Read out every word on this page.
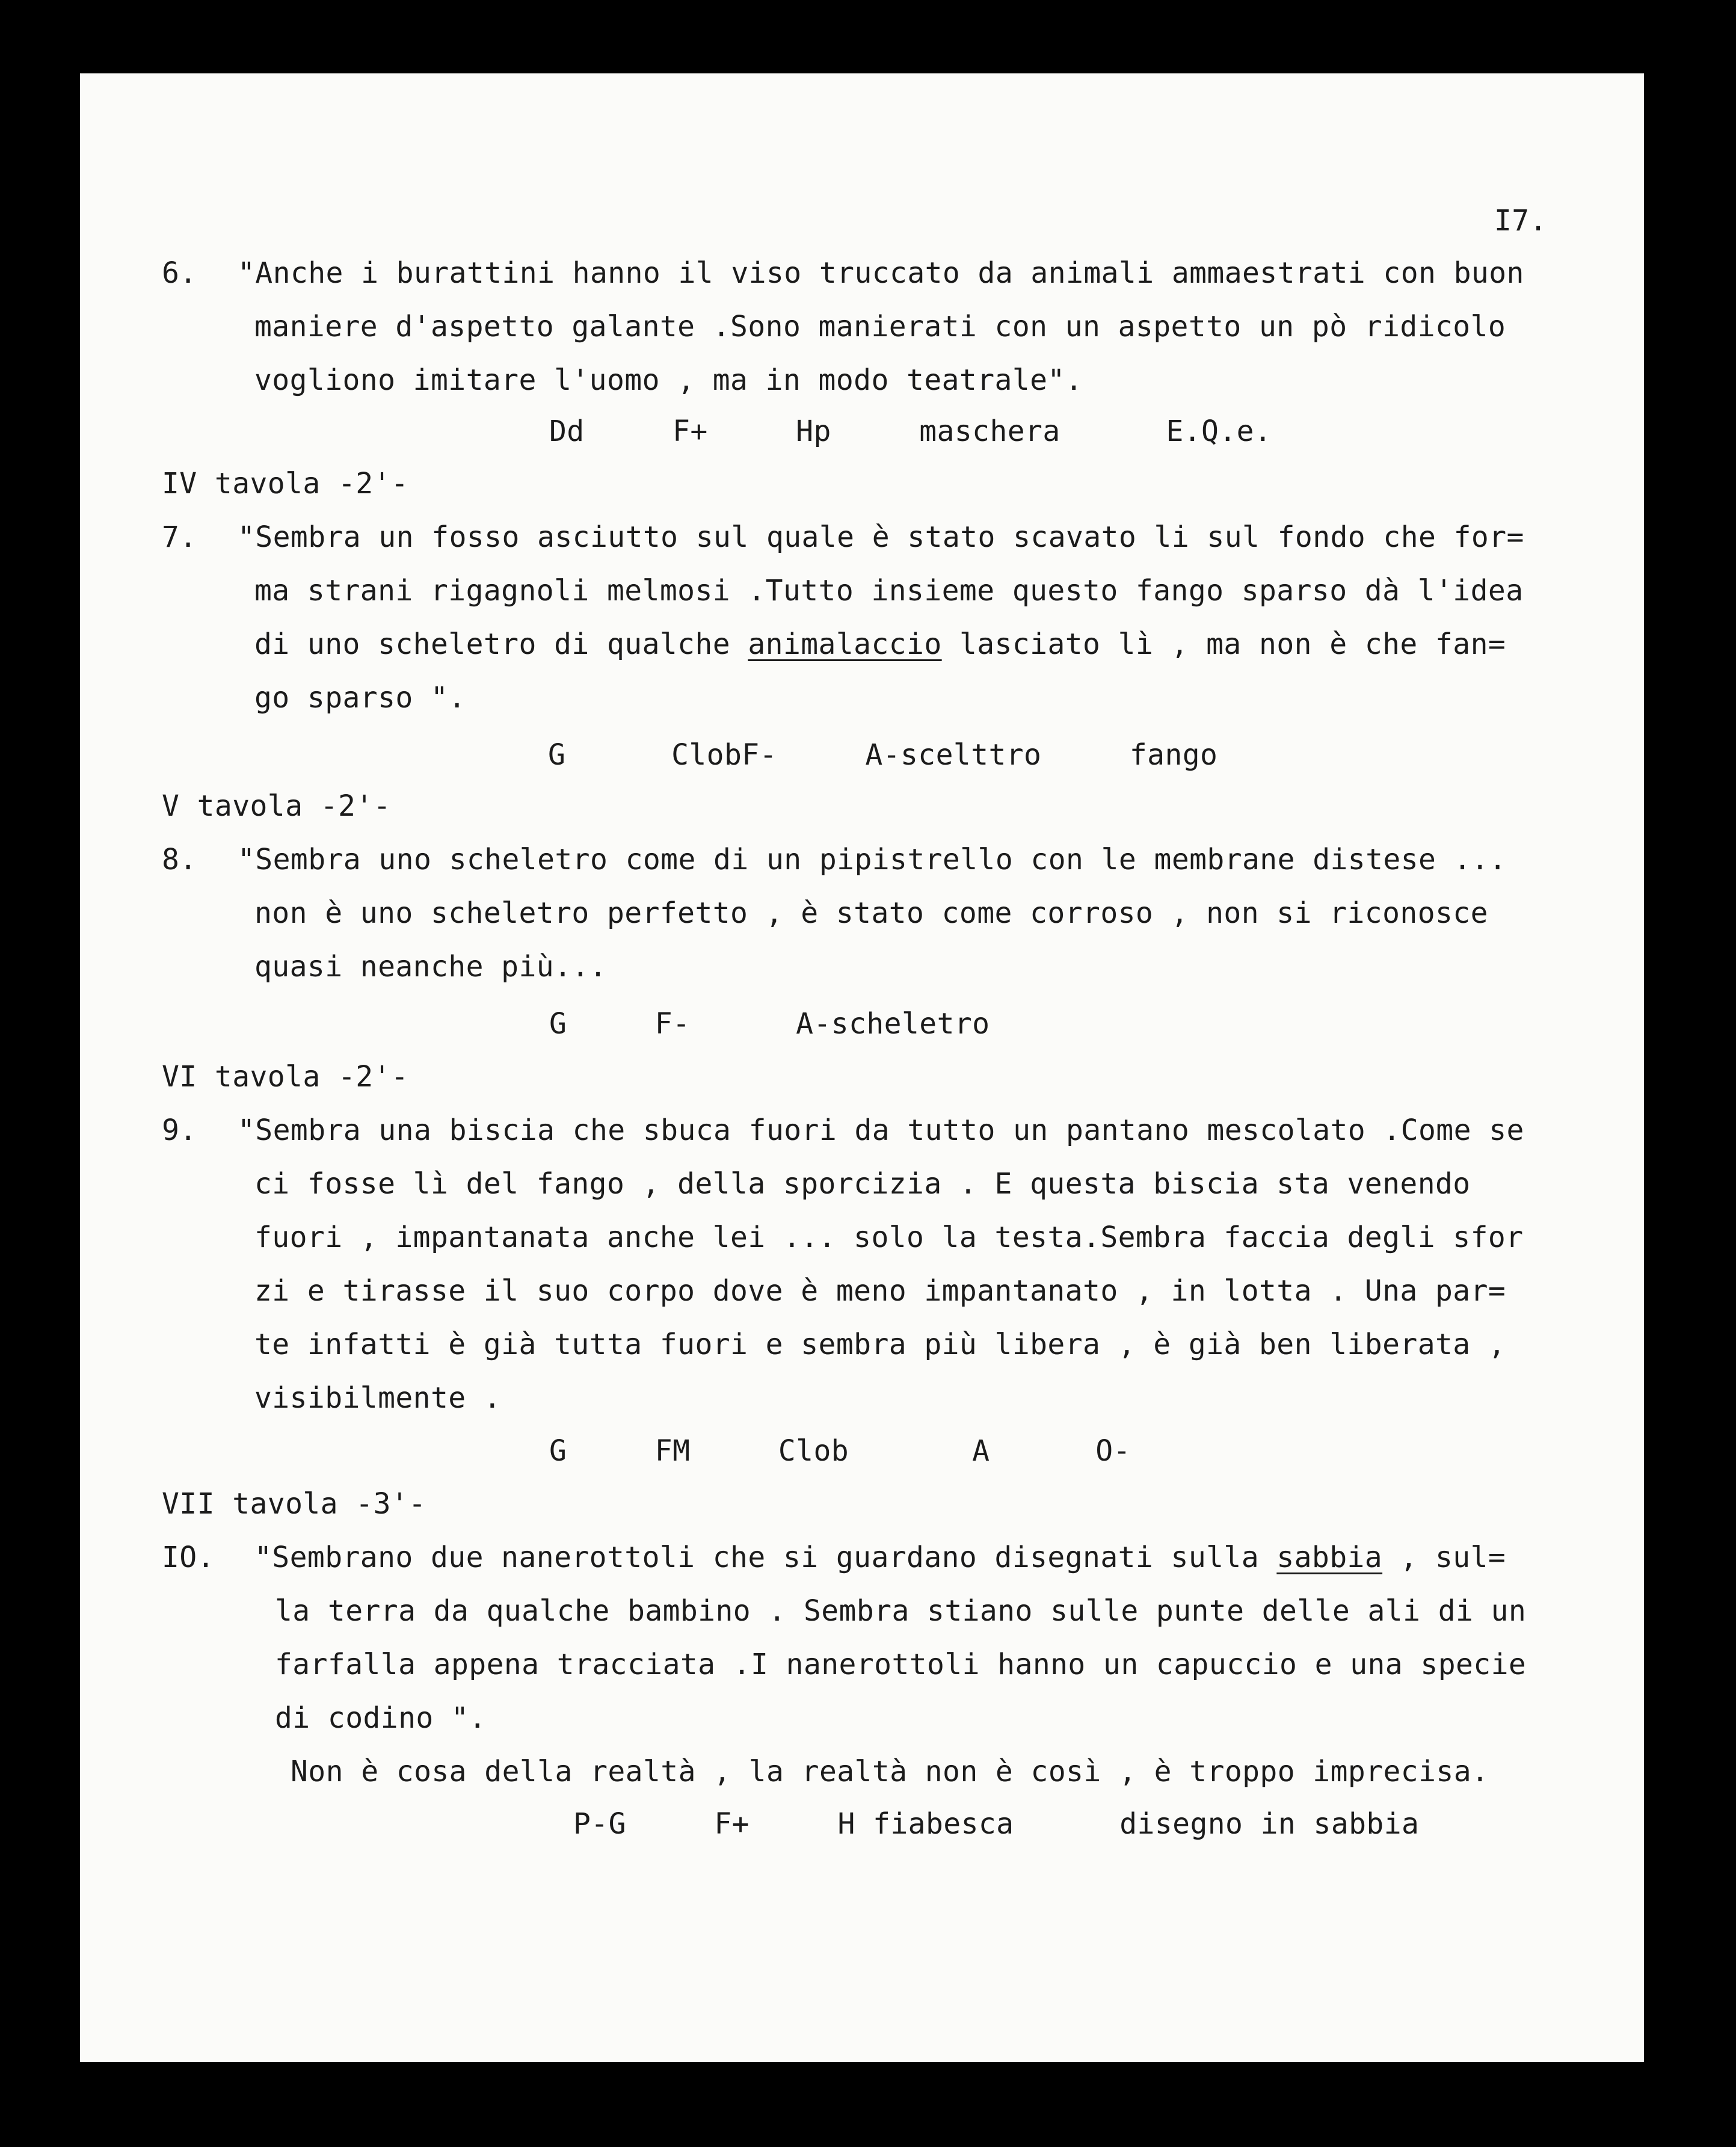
I7.
6. "Anche i burattini hanno il viso truccato da animali ammaestrati con buon
maniere d'aspetto galante .Sono manierati con un aspetto un pò ridicolo
vogliono imitare l'uomo , ma in modo teatrale".
Dd     F+     Hp     maschera      E.Q.e.
IV tavola -2'-
7. "Sembra un fosso asciutto sul quale è stato scavato li sul fondo che for=
ma strani rigagnoli melmosi .Tutto insieme questo fango sparso dà l'idea
di uno scheletro di qualche animalaccio lasciato lì , ma non è che fan=
go sparso ".
G      ClobF-     A-scelttro     fango
V tavola -2'-
8. "Sembra uno scheletro come di un pipistrello con le membrane distese ...
non è uno scheletro perfetto , è stato come corroso , non si riconosce
quasi neanche più...
G     F-      A-scheletro
VI tavola -2'-
9. "Sembra una biscia che sbuca fuori da tutto un pantano mescolato .Come se
ci fosse lì del fango , della sporcizia . E questa biscia sta venendo
fuori , impantanata anche lei ... solo la testa.Sembra faccia degli sfor
zi e tirasse il suo corpo dove è meno impantanato , in lotta . Una par=
te infatti è già tutta fuori e sembra più libera , è già ben liberata ,
visibilmente .
G     FM     Clob       A      O-
VII tavola -3'-
IO. "Sembrano due nanerottoli che si guardano disegnati sulla sabbia , sul=
la terra da qualche bambino . Sembra stiano sulle punte delle ali di un
farfalla appena tracciata .I nanerottoli hanno un capuccio e una specie
di codino ".
Non è cosa della realtà , la realtà non è così , è troppo imprecisa.
P-G     F+     H fiabesca      disegno in sabbia
